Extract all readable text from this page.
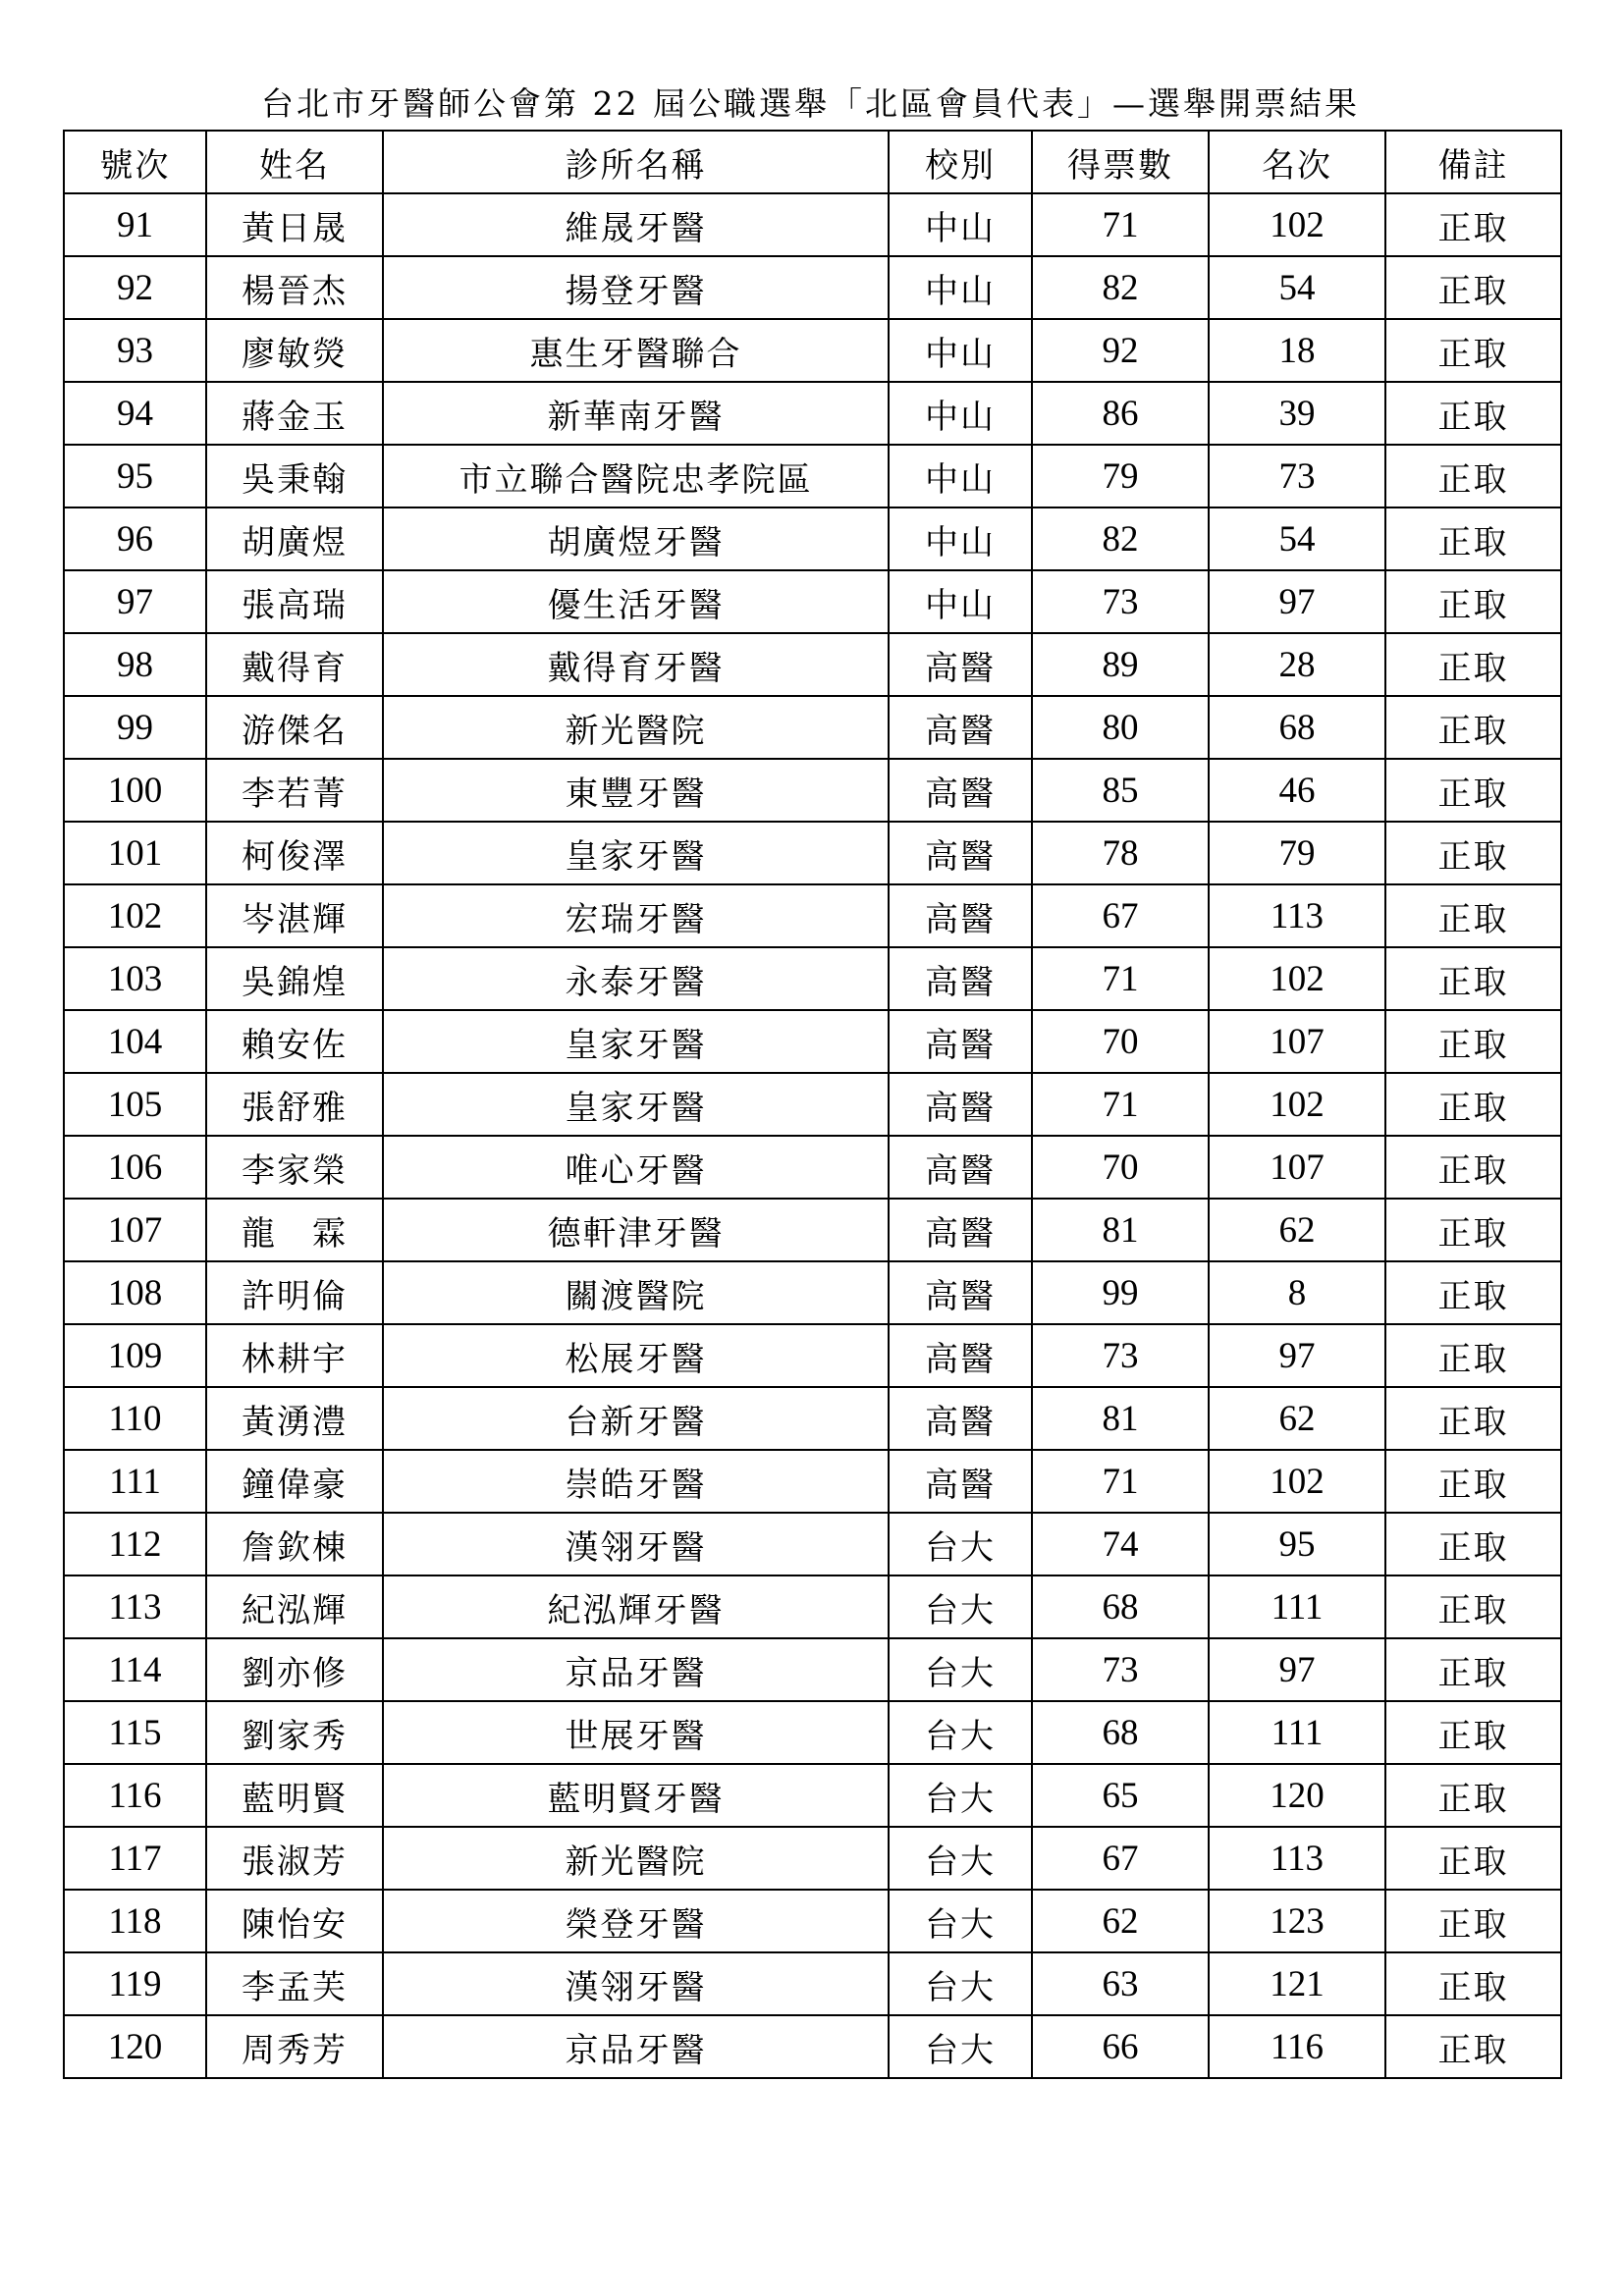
台北市牙醫師公會第 22 屆公職選舉「北區會員代表」—選舉開票結果
號次	姓名	診所名稱	校別	得票數	名次	備註
91	黃日晟	維晟牙醫	中山	71	102	正取
92	楊晉杰	揚登牙醫	中山	82	54	正取
93	廖敏熒	惠生牙醫聯合	中山	92	18	正取
94	蔣金玉	新華南牙醫	中山	86	39	正取
95	吳秉翰	市立聯合醫院忠孝院區	中山	79	73	正取
96	胡廣煜	胡廣煜牙醫	中山	82	54	正取
97	張高瑞	優生活牙醫	中山	73	97	正取
98	戴得育	戴得育牙醫	高醫	89	28	正取
99	游傑名	新光醫院	高醫	80	68	正取
100	李若菁	東豐牙醫	高醫	85	46	正取
101	柯俊澤	皇家牙醫	高醫	78	79	正取
102	岑湛輝	宏瑞牙醫	高醫	67	113	正取
103	吳錦煌	永泰牙醫	高醫	71	102	正取
104	賴安佐	皇家牙醫	高醫	70	107	正取
105	張舒雅	皇家牙醫	高醫	71	102	正取
106	李家榮	唯心牙醫	高醫	70	107	正取
107	龍　霖	德軒津牙醫	高醫	81	62	正取
108	許明倫	關渡醫院	高醫	99	8	正取
109	林耕宇	松展牙醫	高醫	73	97	正取
110	黃湧澧	台新牙醫	高醫	81	62	正取
111	鐘偉豪	崇皓牙醫	高醫	71	102	正取
112	詹欽棟	漢翎牙醫	台大	74	95	正取
113	紀泓輝	紀泓輝牙醫	台大	68	111	正取
114	劉亦修	京品牙醫	台大	73	97	正取
115	劉家秀	世展牙醫	台大	68	111	正取
116	藍明賢	藍明賢牙醫	台大	65	120	正取
117	張淑芳	新光醫院	台大	67	113	正取
118	陳怡安	榮登牙醫	台大	62	123	正取
119	李孟芙	漢翎牙醫	台大	63	121	正取
120	周秀芳	京品牙醫	台大	66	116	正取
